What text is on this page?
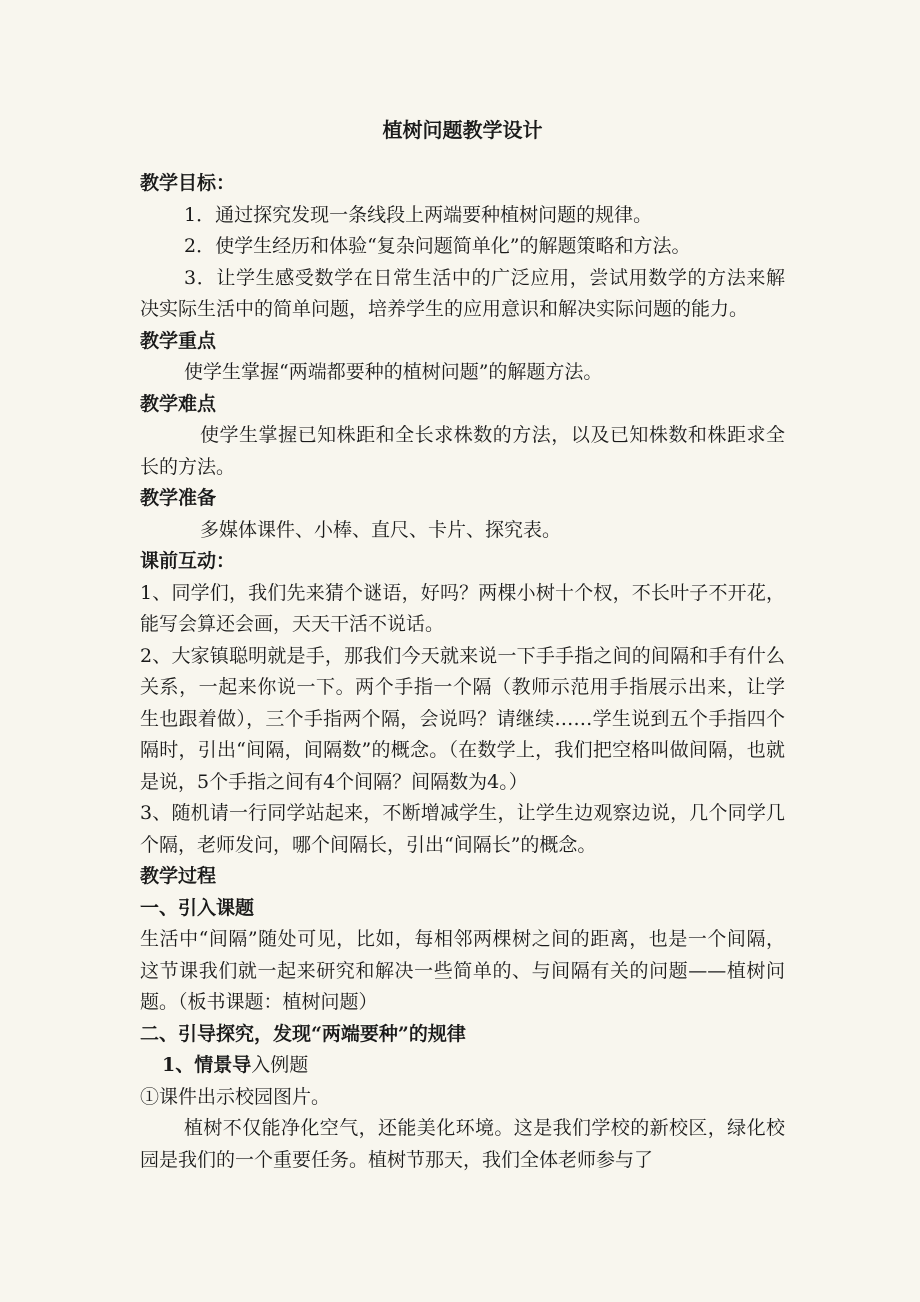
植树问题教学设计

教学目标：

1．通过探究发现一条线段上两端要种植树问题的规律。

2．使学生经历和体验“复杂问题简单化”的解题策略和方法。

3．让学生感受数学在日常生活中的广泛应用，尝试用数学的方法来解决实际生活中的简单问题，培养学生的应用意识和解决实际问题的能力。

教学重点

使学生掌握“两端都要种的植树问题”的解题方法。

教学难点

使学生掌握已知株距和全长求株数的方法，以及已知株数和株距求全长的方法。

教学准备

多媒体课件、小棒、直尺、卡片、探究表。

课前互动：

1、同学们，我们先来猜个谜语，好吗？两棵小树十个杈，不长叶子不开花，能写会算还会画，天天干活不说话。

2、大家镇聪明就是手，那我们今天就来说一下手手指之间的间隔和手有什么关系，一起来你说一下。两个手指一个隔（教师示范用手指展示出来，让学生也跟着做），三个手指两个隔，会说吗？请继续……学生说到五个手指四个隔时，引出“间隔，间隔数”的概念。（在数学上，我们把空格叫做间隔，也就是说，5个手指之间有4个间隔？间隔数为4。）

3、随机请一行同学站起来，不断增减学生，让学生边观察边说，几个同学几个隔，老师发问，哪个间隔长，引出“间隔长”的概念。

教学过程

一、引入课题

生活中“间隔”随处可见，比如，每相邻两棵树之间的距离，也是一个间隔，这节课我们就一起来研究和解决一些简单的、与间隔有关的问题——植树问题。（板书课题：植树问题）

二、引导探究，发现“两端要种”的规律

1、情景导入例题

①课件出示校园图片。

植树不仅能净化空气，还能美化环境。这是我们学校的新校区，绿化校园是我们的一个重要任务。植树节那天，我们全体老师参与了
